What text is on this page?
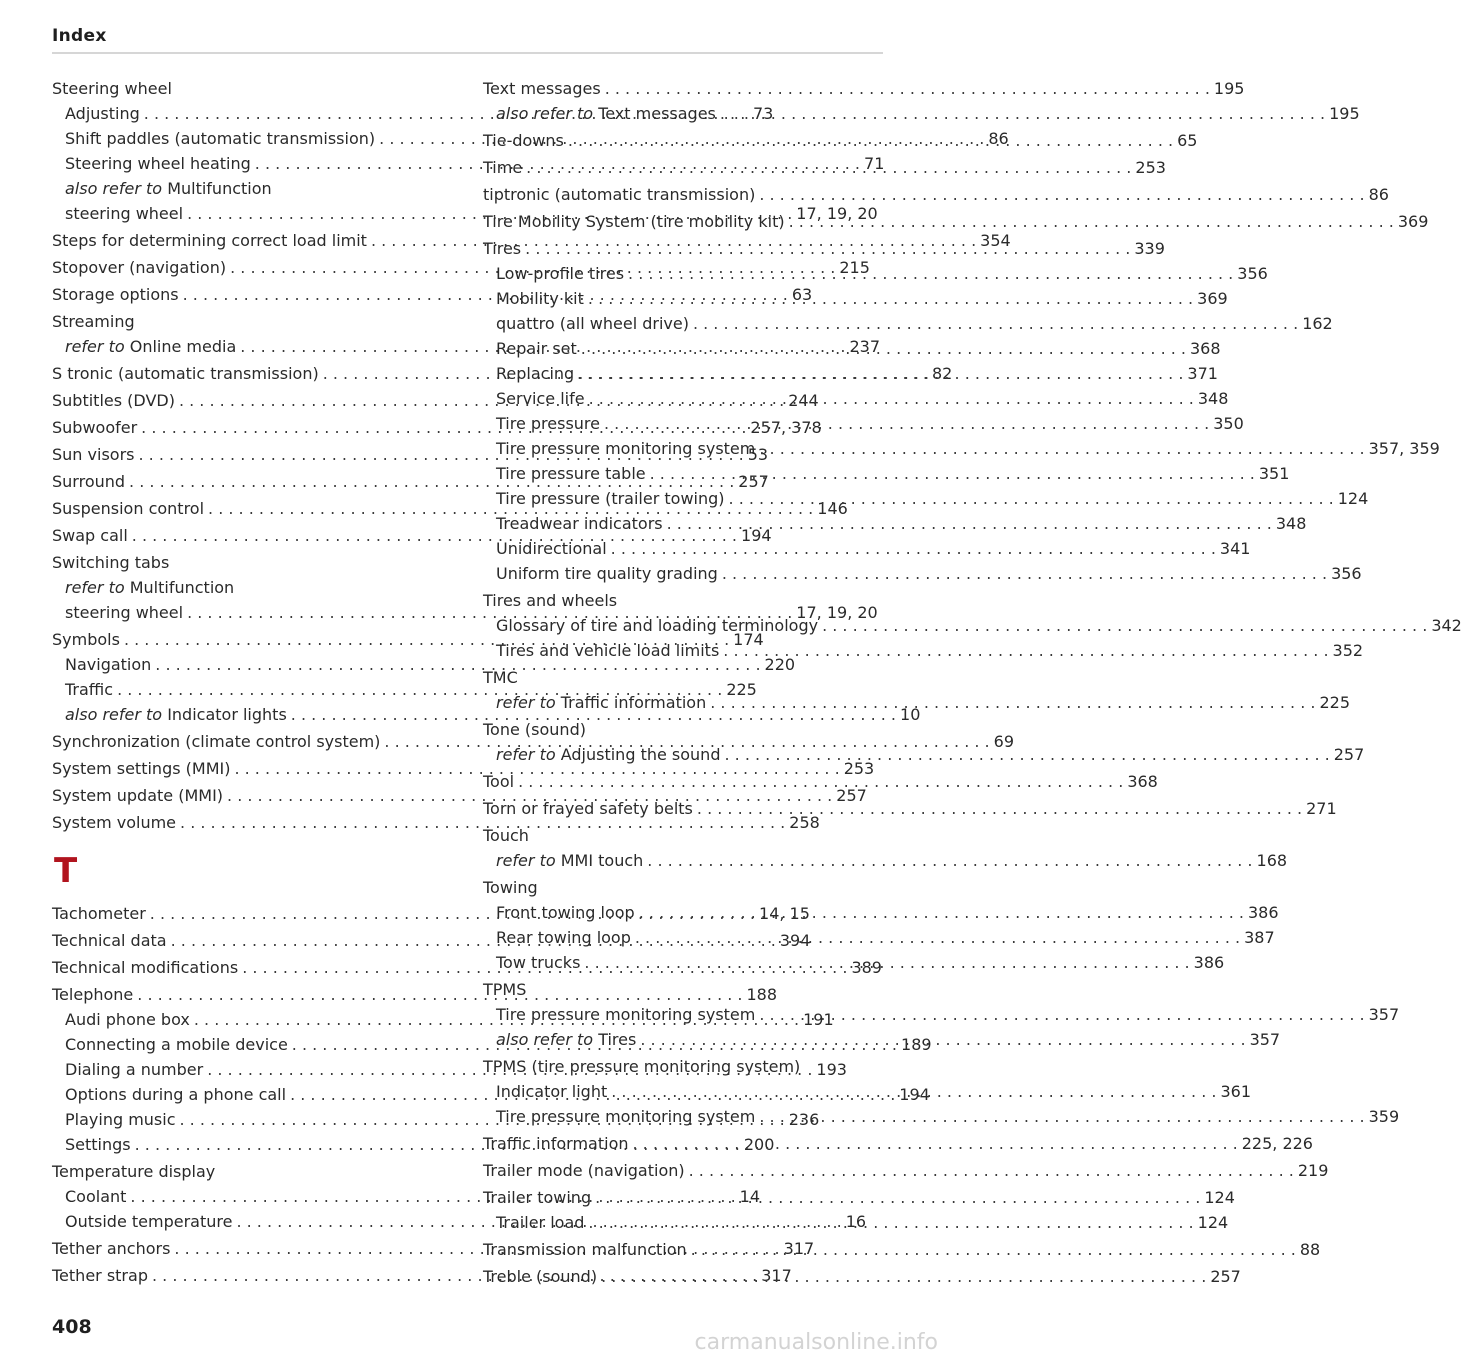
Index
Steering wheel
Adjusting . . .	73
Shift paddles (automatic transmission) . . .	86
Steering wheel heating . . .	71
also refer to Multifunction
steering wheel . . .	17, 19, 20
Steps for determining correct load limit . . .	354
Stopover (navigation) . . .	215
Storage options . . .	63
Streaming
refer to Online media . . .	237
S tronic (automatic transmission) . . .	82
Subtitles (DVD) . . .	244
Subwoofer . . .	257, 378
Sun visors . . .	53
Surround . . .	257
Suspension control . . .	146
Swap call . . .	194
Switching tabs
refer to Multifunction
steering wheel . . .	17, 19, 20
Symbols . . .	174
Navigation . . .	220
Traffic . . .	225
also refer to Indicator lights . . .	10
Synchronization (climate control system) . . .	69
System settings (MMI) . . .	253
System update (MMI) . . .	257
System volume . . .	258
T
Tachometer . . .	14, 15
Technical data . . .	394
Technical modifications . . .	389
Telephone . . .	188
Audi phone box . . .	191
Connecting a mobile device . . .	189
Dialing a number . . .	193
Options during a phone call . . .	194
Playing music . . .	236
Settings . . .	200
Temperature display
Coolant . . .	14
Outside temperature . . .	16
Tether anchors . . .	317
Tether strap . . .	317
Text messages . . .	195
also refer to Text messages . . .	195
Tie-downs . . .	65
Time . . .	253
tiptronic (automatic transmission) . . .	86
Tire Mobility System (tire mobility kit) . . .	369
Tires . . .	339
Low-profile tires . . .	356
Mobility kit . . .	369
quattro (all wheel drive) . . .	162
Repair set . . .	368
Replacing . . .	371
Service life . . .	348
Tire pressure . . .	350
Tire pressure monitoring system . . .	357, 359
Tire pressure table . . .	351
Tire pressure (trailer towing) . . .	124
Treadwear indicators . . .	348
Unidirectional . . .	341
Uniform tire quality grading . . .	356
Tires and wheels
Glossary of tire and loading terminology . . .	342
Tires and vehicle load limits . . .	352
TMC
refer to Traffic information . . .	225
Tone (sound)
refer to Adjusting the sound . . .	257
Tool . . .	368
Torn or frayed safety belts . . .	271
Touch
refer to MMI touch . . .	168
Towing
Front towing loop . . .	386
Rear towing loop . . .	387
Tow trucks . . .	386
TPMS
Tire pressure monitoring system . . .	357
also refer to Tires . . .	357
TPMS (tire pressure monitoring system)
Indicator light . . .	361
Tire pressure monitoring system . . .	359
Traffic information . . .	225, 226
Trailer mode (navigation) . . .	219
Trailer towing . . .	124
Trailer load . . .	124
Transmission malfunction . . .	88
Treble (sound) . . .	257
408
carmanualsonline.info
